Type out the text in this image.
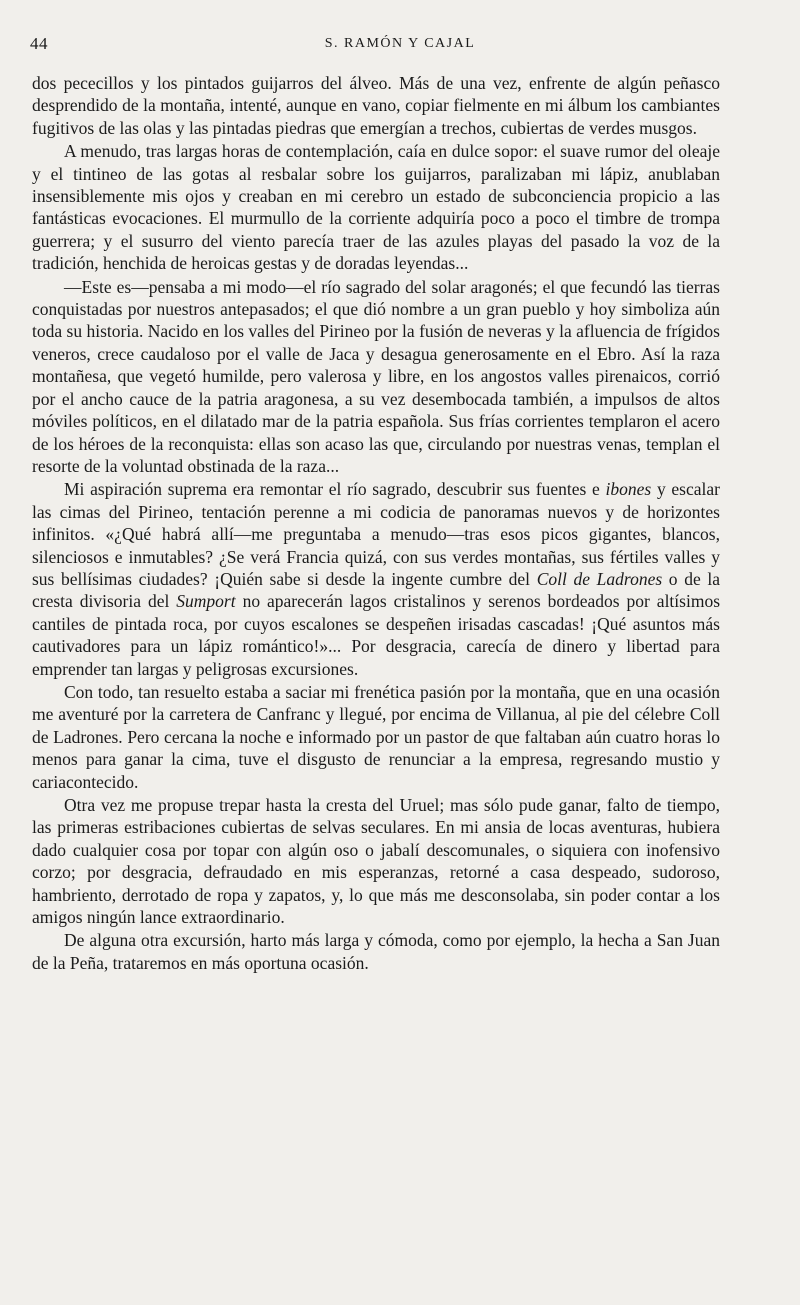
44	S. RAMÓN Y CAJAL

dos pececillos y los pintados guijarros del álveo. Más de una vez, enfrente de algún peñasco desprendido de la montaña, intenté, aunque en vano, copiar fielmente en mi álbum los cambiantes fugitivos de las olas y las pintadas piedras que emergían a trechos, cubiertas de verdes musgos.

A menudo, tras largas horas de contemplación, caía en dulce sopor: el suave rumor del oleaje y el tintineo de las gotas al resbalar sobre los guijarros, paralizaban mi lápiz, anublaban insensiblemente mis ojos y creaban en mi cerebro un estado de subconciencia propicio a las fantásticas evocaciones. El murmullo de la corriente adquiría poco a poco el timbre de trompa guerrera; y el susurro del viento parecía traer de las azules playas del pasado la voz de la tradición, henchida de heroicas gestas y de doradas leyendas...

—Este es—pensaba a mi modo—el río sagrado del solar aragonés; el que fecundó las tierras conquistadas por nuestros antepasados; el que dió nombre a un gran pueblo y hoy simboliza aún toda su historia. Nacido en los valles del Pirineo por la fusión de neveras y la afluencia de frígidos veneros, crece caudaloso por el valle de Jaca y desagua generosamente en el Ebro. Así la raza montañesa, que vegetó humilde, pero valerosa y libre, en los angostos valles pirenaicos, corrió por el ancho cauce de la patria aragonesa, a su vez desembocada también, a impulsos de altos móviles políticos, en el dilatado mar de la patria española. Sus frías corrientes templaron el acero de los héroes de la reconquista: ellas son acaso las que, circulando por nuestras venas, templan el resorte de la voluntad obstinada de la raza...

Mi aspiración suprema era remontar el río sagrado, descubrir sus fuentes e ibones y escalar las cimas del Pirineo, tentación perenne a mi codicia de panoramas nuevos y de horizontes infinitos. «¿Qué habrá allí—me preguntaba a menudo—tras esos picos gigantes, blancos, silenciosos e inmutables? ¿Se verá Francia quizá, con sus verdes montañas, sus fértiles valles y sus bellísimas ciudades? ¡Quién sabe si desde la ingente cumbre del Coll de Ladrones o de la cresta divisoria del Sumport no aparecerán lagos cristalinos y serenos bordeados por altísimos cantiles de pintada roca, por cuyos escalones se despeñen irisadas cascadas! ¡Qué asuntos más cautivadores para un lápiz romántico!»... Por desgracia, carecía de dinero y libertad para emprender tan largas y peligrosas excursiones.

Con todo, tan resuelto estaba a saciar mi frenética pasión por la montaña, que en una ocasión me aventuré por la carretera de Canfranc y llegué, por encima de Villanua, al pie del célebre Coll de Ladrones. Pero cercana la noche e informado por un pastor de que faltaban aún cuatro horas lo menos para ganar la cima, tuve el disgusto de renunciar a la empresa, regresando mustio y cariacontecido.

Otra vez me propuse trepar hasta la cresta del Uruel; mas sólo pude ganar, falto de tiempo, las primeras estribaciones cubiertas de selvas seculares. En mi ansia de locas aventuras, hubiera dado cualquier cosa por topar con algún oso o jabalí descomunales, o siquiera con inofensivo corzo; por desgracia, defraudado en mis esperanzas, retorné a casa despeado, sudoroso, hambriento, derrotado de ropa y zapatos, y, lo que más me desconsolaba, sin poder contar a los amigos ningún lance extraordinario.

De alguna otra excursión, harto más larga y cómoda, como por ejemplo, la hecha a San Juan de la Peña, trataremos en más oportuna ocasión.
